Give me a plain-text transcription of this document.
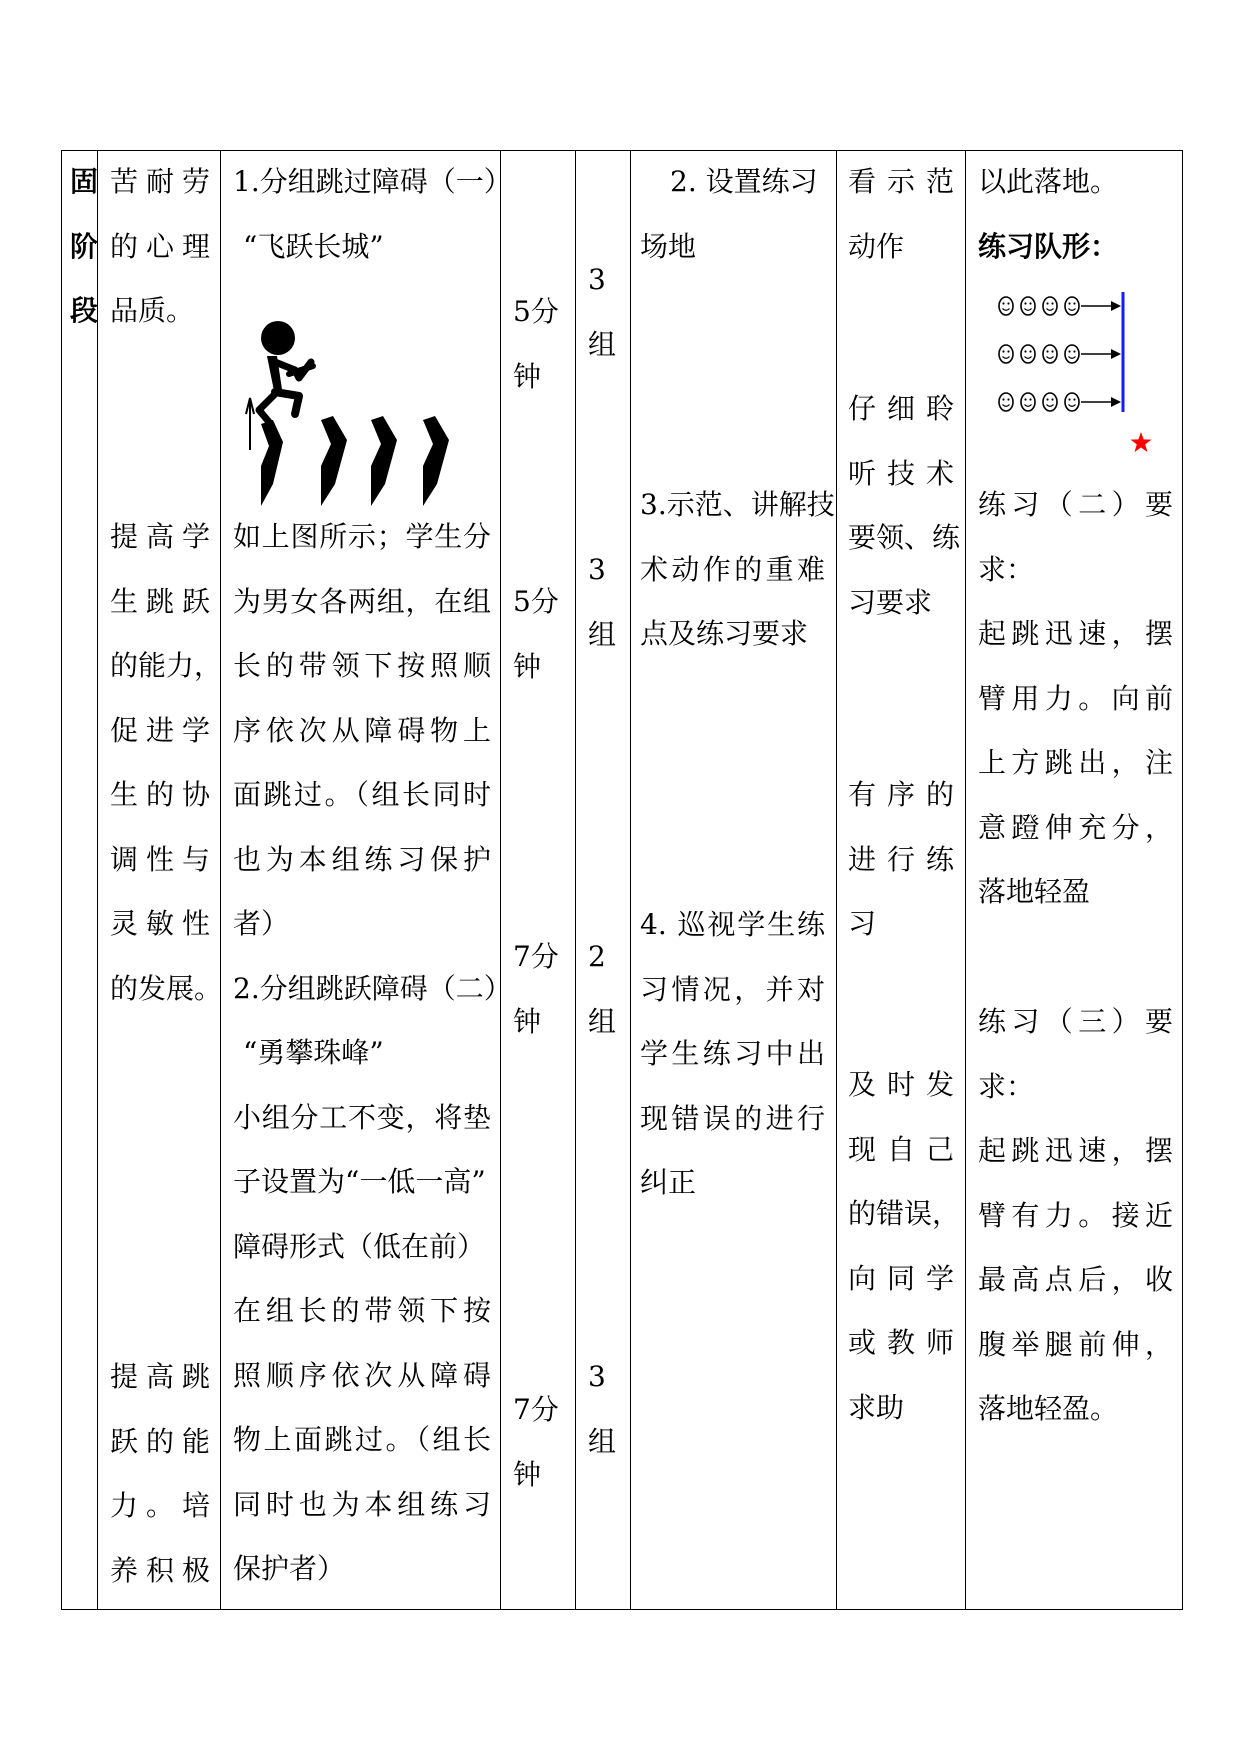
固
阶
段
苦耐劳
的心理
品质。
提高学
生跳跃
的能力，
促进学
生的协
调性与
灵敏性
的发展。
提高跳
跃的能
力。培
养积极
1.分组跳过障碍（一）
“飞跃长城”
如上图所示；学生分
为男女各两组，在组
长的带领下按照顺
序依次从障碍物上
面跳过。（组长同时
也为本组练习保护
者）
2.分组跳跃障碍（二）
“勇攀珠峰”
小组分工不变，将垫
子设置为“一低一高”
障碍形式（低在前）
在组长的带领下按
照顺序依次从障碍
物上面跳过。（组长
同时也为本组练习
保护者）
5分
钟
5分
钟
7分
钟
7分
钟
3
组
3
组
2
组
3
组
2. 设置练习
场地
3.示范、讲解技
术动作的重难
点及练习要求
4. 巡视学生练
习情况，并对
学生练习中出
现错误的进行
纠正
看示范
动作
仔细聆
听技术
要领、练
习要求
有序的
进行练
习
及时发
现自己
的错误，
向同学
或教师
求助
以此落地。
练习队形：
练习（二）要
求：
起跳迅速，摆
臂用力。向前
上方跳出，注
意蹬伸充分，
落地轻盈
练习（三）要
求：
起跳迅速，摆
臂有力。接近
最高点后，收
腹举腿前伸，
落地轻盈。
